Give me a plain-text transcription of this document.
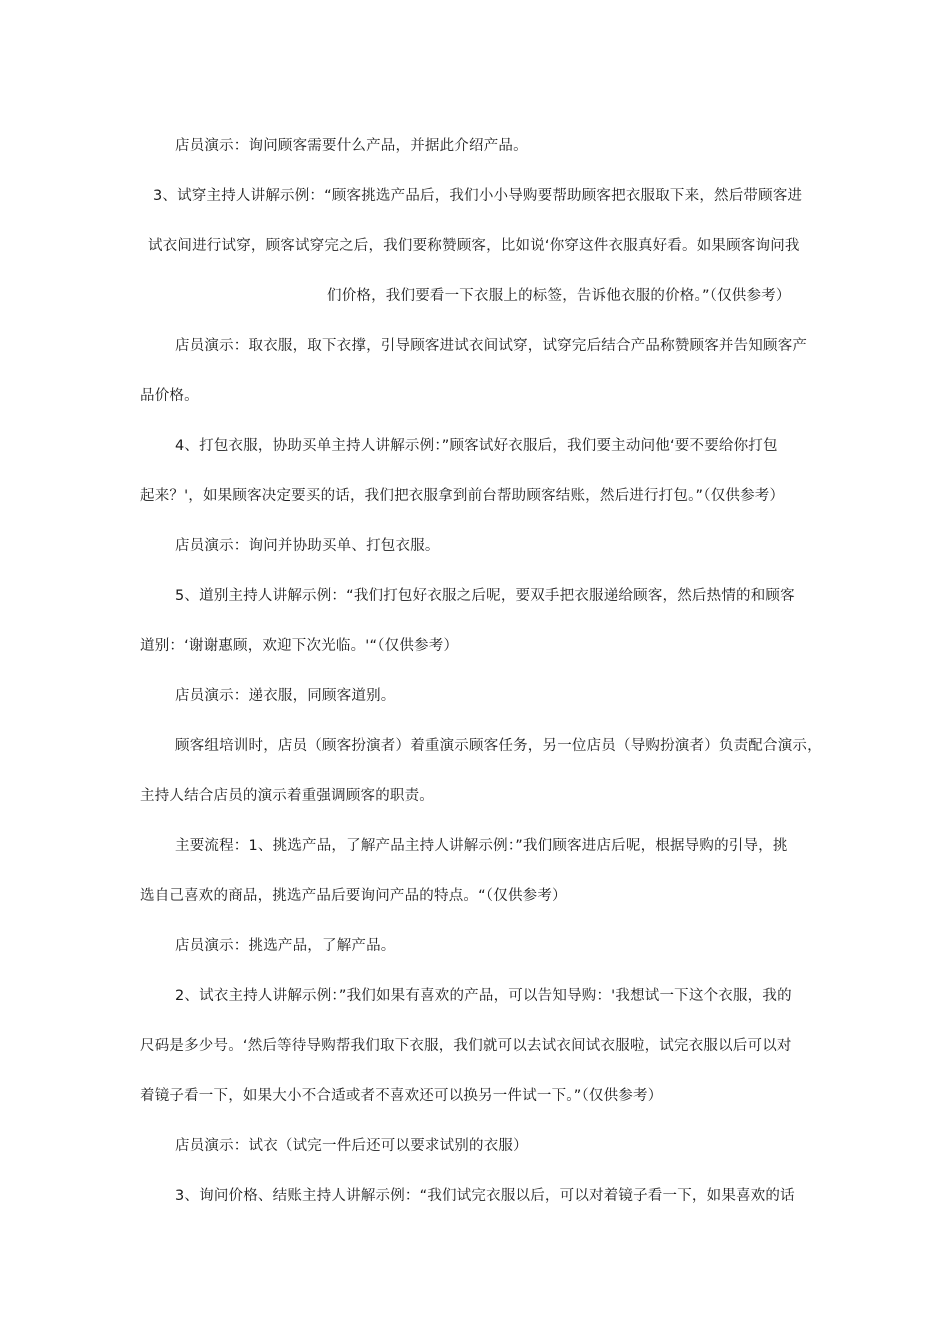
店员演示：询问顾客需要什么产品，并据此介绍产品。
3、试穿主持人讲解示例：“顾客挑选产品后，我们小小导购要帮助顾客把衣服取下来，然后带顾客进
试衣间进行试穿，顾客试穿完之后，我们要称赞顾客，比如说‘你穿这件衣服真好看。如果顾客询问我
们价格，我们要看一下衣服上的标签，告诉他衣服的价格。”（仅供参考）
店员演示：取衣服，取下衣撑，引导顾客进试衣间试穿，试穿完后结合产品称赞顾客并告知顾客产
品价格。
4、打包衣服，协助买单主持人讲解示例：”顾客试好衣服后，我们要主动问他‘要不要给你打包
起来？'，如果顾客决定要买的话，我们把衣服拿到前台帮助顾客结账，然后进行打包。”（仅供参考）
店员演示：询问并协助买单、打包衣服。
5、道别主持人讲解示例：“我们打包好衣服之后呢，要双手把衣服递给顾客，然后热情的和顾客
道别：‘谢谢惠顾，欢迎下次光临。'“（仅供参考）
店员演示：递衣服，同顾客道别。
顾客组培训时，店员（顾客扮演者）着重演示顾客任务，另一位店员（导购扮演者）负责配合演示，
主持人结合店员的演示着重强调顾客的职责。
主要流程：1、挑选产品，了解产品主持人讲解示例：”我们顾客进店后呢，根据导购的引导，挑
选自己喜欢的商品，挑选产品后要询问产品的特点。“（仅供参考）
店员演示：挑选产品，了解产品。
2、试衣主持人讲解示例：”我们如果有喜欢的产品，可以告知导购：'我想试一下这个衣服，我的
尺码是多少号。‘然后等待导购帮我们取下衣服，我们就可以去试衣间试衣服啦，试完衣服以后可以对
着镜子看一下，如果大小不合适或者不喜欢还可以换另一件试一下。”（仅供参考）
店员演示：试衣（试完一件后还可以要求试别的衣服）
3、询问价格、结账主持人讲解示例：“我们试完衣服以后，可以对着镜子看一下，如果喜欢的话
